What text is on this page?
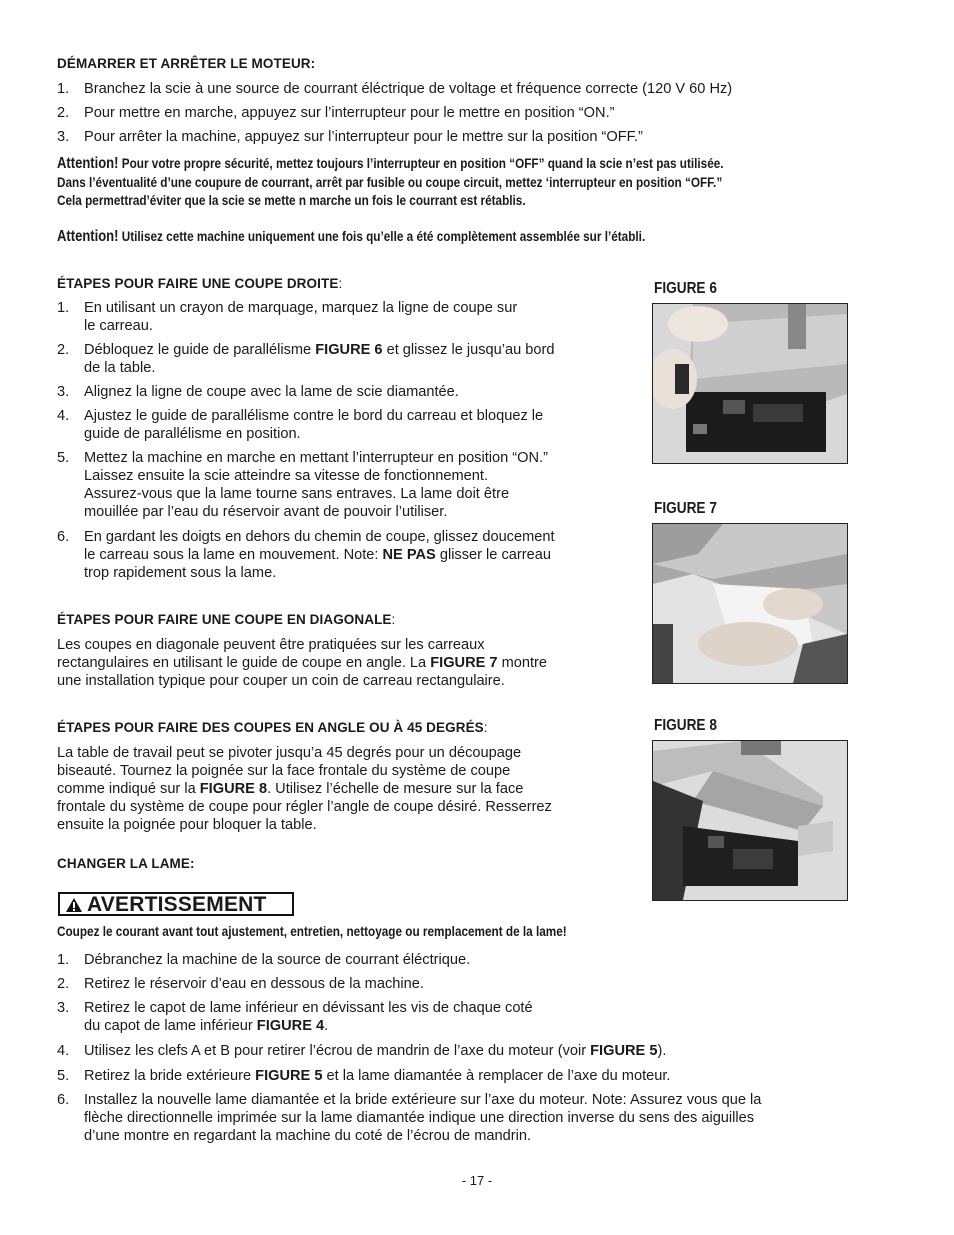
DÉMARRER ET ARRÊTER LE MOTEUR:
1.	Branchez la scie à une source de courrant éléctrique de voltage et fréquence correcte (120 V 60 Hz)
2.	Pour mettre en marche, appuyez sur l’interrupteur pour le mettre en position “ON.”
3.	Pour arrêter la machine, appuyez sur l’interrupteur pour le mettre sur la position “OFF.”
Attention! Pour votre propre sécurité, mettez toujours l’interrupteur en position “OFF” quand la scie n’est pas utilisée.
Dans l’éventualité d’une coupure de courrant, arrêt par fusible ou coupe circuit, mettez ‘interrupteur en position “OFF.”
Cela permettrad’éviter que la scie se mette n marche un fois le courrant est rétablis.
Attention! Utilisez cette machine uniquement une fois qu’elle a été complètement assemblée sur l’établi.
ÉTAPES POUR FAIRE UNE COUPE DROITE:
1.	En utilisant un crayon de marquage, marquez la ligne de coupe sur
le carreau.
2.	Débloquez le guide de parallélisme FIGURE 6 et glissez le jusqu’au bord
de la table.
3.	Alignez la ligne de coupe avec la lame de scie diamantée.
4.	Ajustez le guide de parallélisme contre le bord du carreau et bloquez le
guide de parallélisme en position.
5.	Mettez la machine en marche en mettant l’interrupteur en position “ON.”
Laissez ensuite la scie atteindre sa vitesse de fonctionnement.
Assurez-vous que la lame tourne sans entraves. La lame doit être
mouillée par l’eau du réservoir avant de pouvoir l’utiliser.
6.	En gardant les doigts en dehors du chemin de coupe, glissez doucement
le carreau sous la lame en mouvement. Note: NE PAS glisser le carreau
trop rapidement sous la lame.
ÉTAPES POUR FAIRE UNE COUPE EN DIAGONALE:
Les coupes en diagonale peuvent être pratiquées sur les carreaux
rectangulaires en utilisant le guide de coupe en angle. La FIGURE 7 montre
une installation typique pour couper un coin de carreau rectangulaire.
ÉTAPES POUR FAIRE DES COUPES EN ANGLE OU À 45 DEGRÉS:
La table de travail peut se pivoter jusqu’a 45 degrés pour un découpage
biseauté. Tournez la poignée sur la face frontale du système de coupe
comme indiqué sur la FIGURE 8. Utilisez l’échelle de mesure sur la face
frontale du système de coupe pour régler l’angle de coupe désiré. Resserrez
ensuite la poignée pour bloquer la table.
CHANGER LA LAME:
AVERTISSEMENT
Coupez le courant avant tout ajustement, entretien, nettoyage ou remplacement de la lame!
1.	Débranchez la machine de la source de courrant éléctrique.
2.	Retirez le réservoir d’eau en dessous de la machine.
3.	Retirez le capot de lame inférieur en dévissant les vis de chaque coté
du capot de lame inférieur FIGURE 4.
4.	Utilisez les clefs A et B pour retirer l’écrou de mandrin de l’axe du moteur (voir FIGURE 5).
5.	Retirez la bride extérieure FIGURE 5 et la lame diamantée à remplacer de l’axe du moteur.
6.	Installez la nouvelle lame diamantée et la bride extérieure sur l’axe du moteur. Note: Assurez vous que la
flèche directionnelle imprimée sur la lame diamantée indique une direction inverse du sens des aiguilles
d’une montre en regardant la machine du coté de l’écrou de mandrin.
FIGURE 6
FIGURE 7
FIGURE 8
- 17 -
